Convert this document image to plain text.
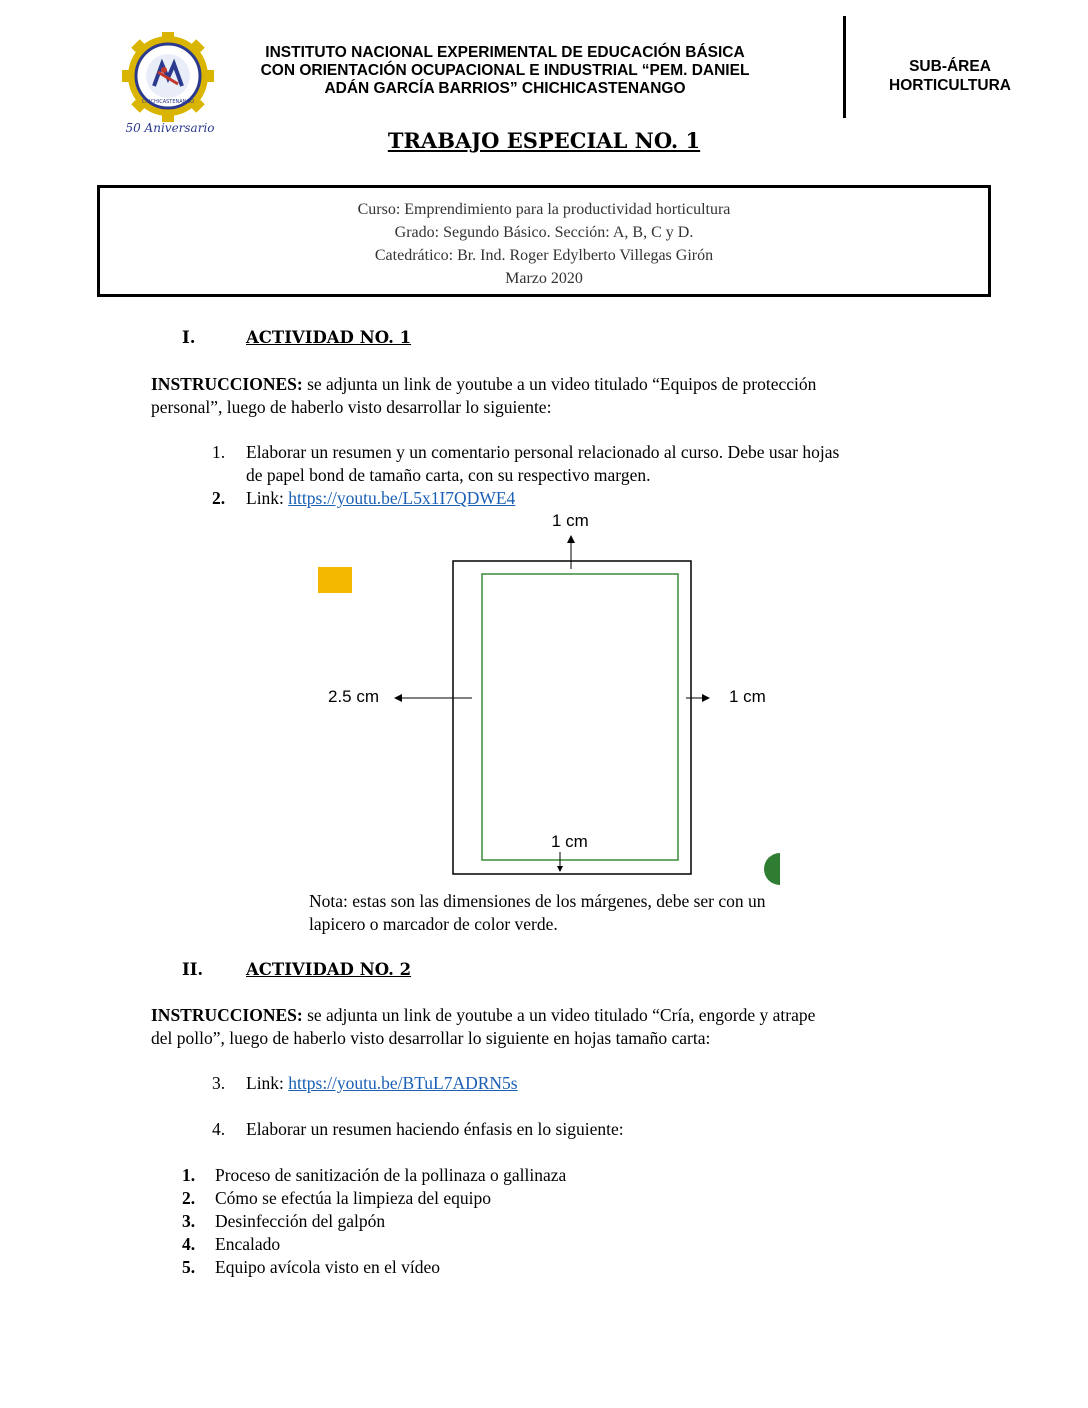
CHICHICASTENANGO
50 Aniversario
INSTITUTO NACIONAL EXPERIMENTAL DE EDUCACIÓN BÁSICA
CON ORIENTACIÓN OCUPACIONAL E INDUSTRIAL “PEM. DANIEL
ADÁN GARCÍA BARRIOS” CHICHICASTENANGO
SUB-ÁREA
HORTICULTURA
TRABAJO ESPECIAL NO. 1
Curso: Emprendimiento para la productividad horticultura
Grado: Segundo Básico. Sección: A, B, C y D.
Catedrático: Br. Ind. Roger Edylberto Villegas Girón
Marzo 2020
I.	ACTIVIDAD NO. 1
INSTRUCCIONES: se adjunta un link de youtube a un video titulado “Equipos de protección
personal”, luego de haberlo visto desarrollar lo siguiente:
1. Elaborar un resumen y un comentario personal relacionado al curso. Debe usar hojas
de papel bond de tamaño carta, con su respectivo margen.
2. Link: https://youtu.be/L5x1I7QDWE4
1 cm
2.5 cm	1 cm
1 cm
Nota: estas son las dimensiones de los márgenes, debe ser con un
lapicero o marcador de color verde.
II.	ACTIVIDAD NO. 2
INSTRUCCIONES: se adjunta un link de youtube a un video titulado “Cría, engorde y atrape
del pollo”, luego de haberlo visto desarrollar lo siguiente en hojas tamaño carta:
3. Link: https://youtu.be/BTuL7ADRN5s
4. Elaborar un resumen haciendo énfasis en lo siguiente:
1. Proceso de sanitización de la pollinaza o gallinaza
2. Cómo se efectúa la limpieza del equipo
3. Desinfección del galpón
4. Encalado
5. Equipo avícola visto en el vídeo
